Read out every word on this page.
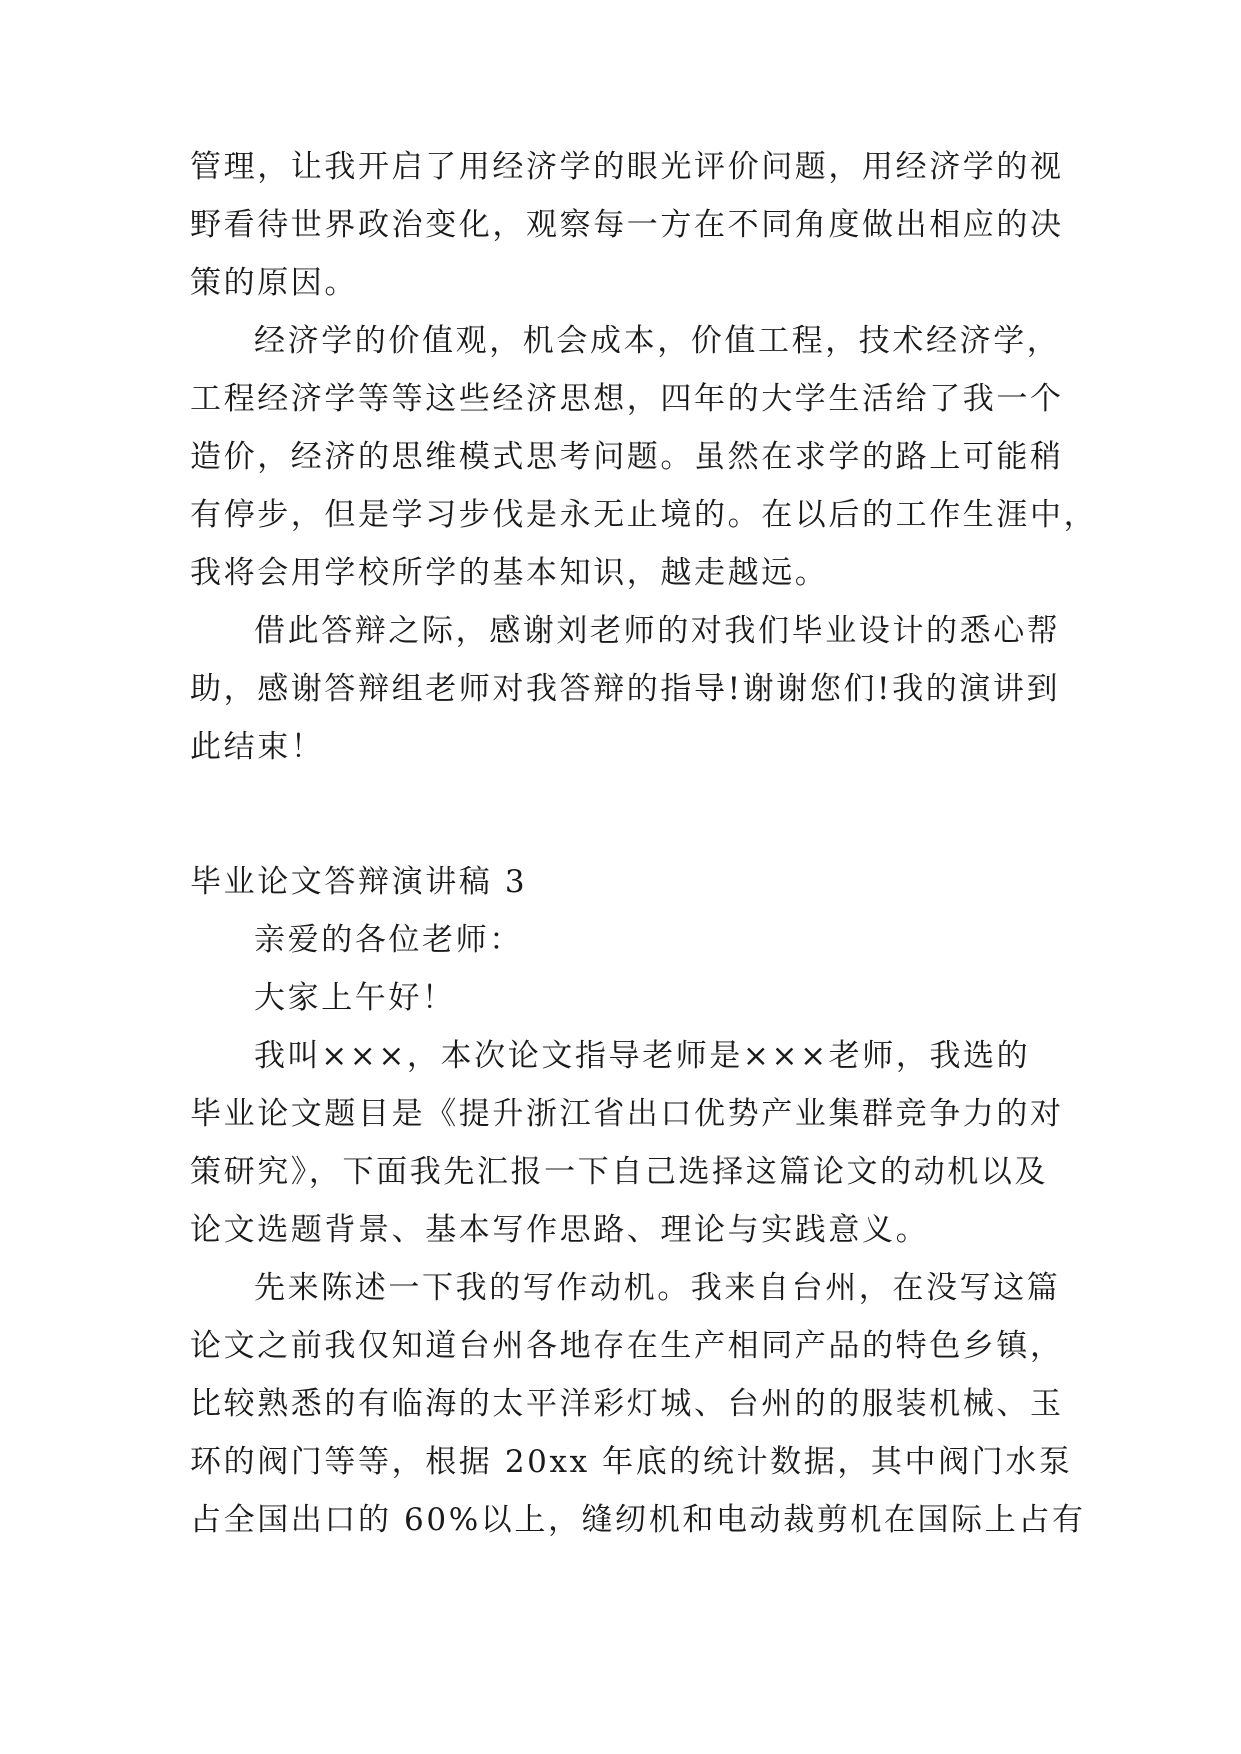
管理，让我开启了用经济学的眼光评价问题，用经济学的视
野看待世界政治变化，观察每一方在不同角度做出相应的决
策的原因。
经济学的价值观，机会成本，价值工程，技术经济学，
工程经济学等等这些经济思想，四年的大学生活给了我一个
造价，经济的思维模式思考问题。虽然在求学的路上可能稍
有停步，但是学习步伐是永无止境的。在以后的工作生涯中，
我将会用学校所学的基本知识，越走越远。
借此答辩之际，感谢刘老师的对我们毕业设计的悉心帮
助，感谢答辩组老师对我答辩的指导!谢谢您们!我的演讲到
此结束！
毕业论文答辩演讲稿 3
亲爱的各位老师：
大家上午好！
我叫×××，本次论文指导老师是×××老师，我选的
毕业论文题目是《提升浙江省出口优势产业集群竞争力的对
策研究》，下面我先汇报一下自己选择这篇论文的动机以及
论文选题背景、基本写作思路、理论与实践意义。
先来陈述一下我的写作动机。我来自台州，在没写这篇
论文之前我仅知道台州各地存在生产相同产品的特色乡镇，
比较熟悉的有临海的太平洋彩灯城、台州的的服装机械、玉
环的阀门等等，根据 20xx 年底的统计数据，其中阀门水泵
占全国出口的 60%以上，缝纫机和电动裁剪机在国际上占有
